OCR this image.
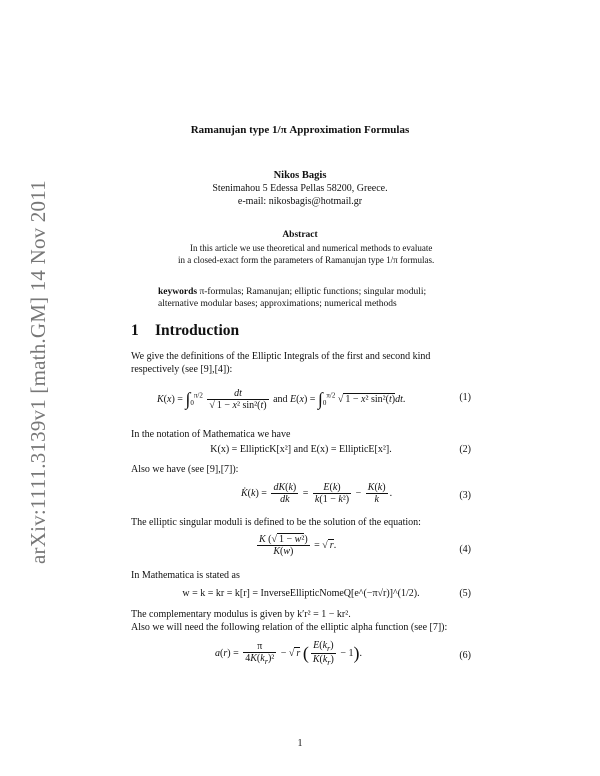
arXiv:1111.3139v1 [math.GM] 14 Nov 2011
Ramanujan type 1/π Approximation Formulas
Nikos Bagis
Stenimahou 5 Edessa Pellas 58200, Greece.
e-mail: nikosbagis@hotmail.gr
Abstract
In this article we use theoretical and numerical methods to evaluate in a closed-exact form the parameters of Ramanujan type 1/π formulas.
keywords π-formulas; Ramanujan; elliptic functions; singular moduli; alternative modular bases; approximations; numerical methods
1 Introduction
We give the definitions of the Elliptic Integrals of the first and second kind respectively (see [9],[4]):
$K(x) = \int_0^{\pi/2} \frac{dt}{\text{√ 1 − x² sin²(t)}}$ and $E(x) = \int_0^{\pi/2}$ √ 1 − x² sin²(t)dt.	(1)
In the notation of Mathematica we have
K(x) = EllipticK[x²] and E(x) = EllipticE[x²].	(2)
Also we have (see [9],[7]):
K̇(k) = $\frac{dK(k)}{dk} = \frac{E(k)}{\text{k(1 − k²)}} - \frac{K(k)}{k}$ .	(3)
The elliptic singular moduli is defined to be the solution of the equation:
$\frac{\text{K (√ 1 − w²)}}{K(w)}$ = √ r.	(4)
In Mathematica is stated as
w = k = kr = k[r] = InverseEllipticNomeQ[e^(−π√r)]^(1/2).	(5)
The complementary modulus is given by k′r² = 1 − kr².
Also we will need the following relation of the elliptic alpha function (see [7]):
$a(r) = \frac{\pi}{4K(k_r)^2}$ − √ r ( $\frac{E(k_r)}{K(k_r)} - 1$).	(6)
1
